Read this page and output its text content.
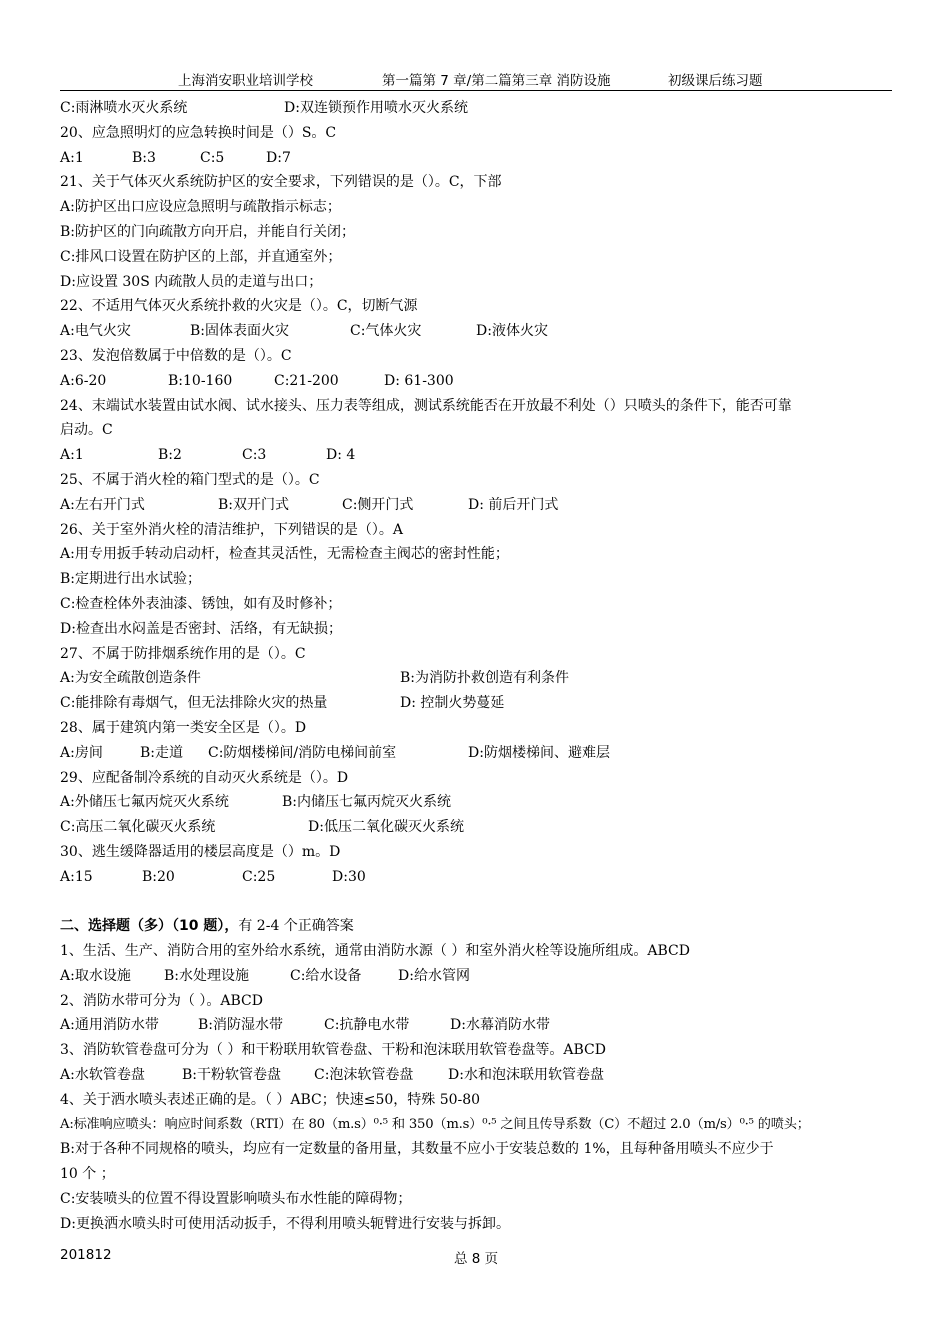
上海消安职业培训学校	第一篇第 7 章/第二篇第三章 消防设施	初级课后练习题
C:雨淋喷水灭火系统	D:双连锁预作用喷水灭火系统
20、应急照明灯的应急转换时间是（）S。C
A:1	B:3	C:5	D:7
21、关于气体灭火系统防护区的安全要求，下列错误的是（）。C，下部
A:防护区出口应设应急照明与疏散指示标志；
B:防护区的门向疏散方向开启，并能自行关闭；
C:排风口设置在防护区的上部，并直通室外；
D:应设置 30S 内疏散人员的走道与出口；
22、不适用气体灭火系统扑救的火灾是（）。C，切断气源
A:电气火灾	B:固体表面火灾	C:气体火灾	D:液体火灾
23、发泡倍数属于中倍数的是（）。C
A:6-20	B:10-160	C:21-200	D: 61-300
24、末端试水装置由试水阀、试水接头、压力表等组成，测试系统能否在开放最不利处（）只喷头的条件下，能否可靠
启动。C
A:1	B:2	C:3	D: 4
25、不属于消火栓的箱门型式的是（）。C
A:左右开门式	B:双开门式	C:侧开门式	D: 前后开门式
26、关于室外消火栓的清洁维护，下列错误的是（）。A
A:用专用扳手转动启动杆，检查其灵活性，无需检查主阀芯的密封性能；
B:定期进行出水试验；
C:检查栓体外表油漆、锈蚀，如有及时修补；
D:检查出水闷盖是否密封、活络，有无缺损；
27、不属于防排烟系统作用的是（）。C
A:为安全疏散创造条件	B:为消防扑救创造有利条件
C:能排除有毒烟气，但无法排除火灾的热量	D: 控制火势蔓延
28、属于建筑内第一类安全区是（）。D
A:房间	B:走道 C:防烟楼梯间/消防电梯间前室	D:防烟楼梯间、避难层
29、应配备制冷系统的自动灭火系统是（）。D
A:外储压七氟丙烷灭火系统	B:内储压七氟丙烷灭火系统
C:高压二氧化碳灭火系统	D:低压二氧化碳灭火系统
30、逃生缓降器适用的楼层高度是（）m。D
A:15	B:20	C:25	D:30
二、选择题（多）（10 题），有 2-4 个正确答案
1、生活、生产、消防合用的室外给水系统，通常由消防水源（ ）和室外消火栓等设施所组成。ABCD
A:取水设施 B:水处理设施	C:给水设备	D:给水管网
2、消防水带可分为（ ）。ABCD
A:通用消防水带	B:消防湿水带	C:抗静电水带	D:水幕消防水带
3、消防软管卷盘可分为（ ）和干粉联用软管卷盘、干粉和泡沫联用软管卷盘等。ABCD
A:水软管卷盘	B:干粉软管卷盘 C:泡沫软管卷盘 D:水和泡沫联用软管卷盘
4、关于洒水喷头表述正确的是。（ ）ABC；快速≤50，特殊 50-80
A:标准响应喷头：响应时间系数（RTI）在 80（m.s）⁰·⁵ 和 350（m.s）⁰·⁵ 之间且传导系数（C）不超过 2.0（m/s）⁰·⁵ 的喷头；
B:对于各种不同规格的喷头，均应有一定数量的备用量，其数量不应小于安装总数的 1%，且每种备用喷头不应少于
10 个 ；
C:安装喷头的位置不得设置影响喷头布水性能的障碍物；
D:更换洒水喷头时可使用活动扳手，不得利用喷头轭臂进行安装与拆卸。
201812	总 8 页
